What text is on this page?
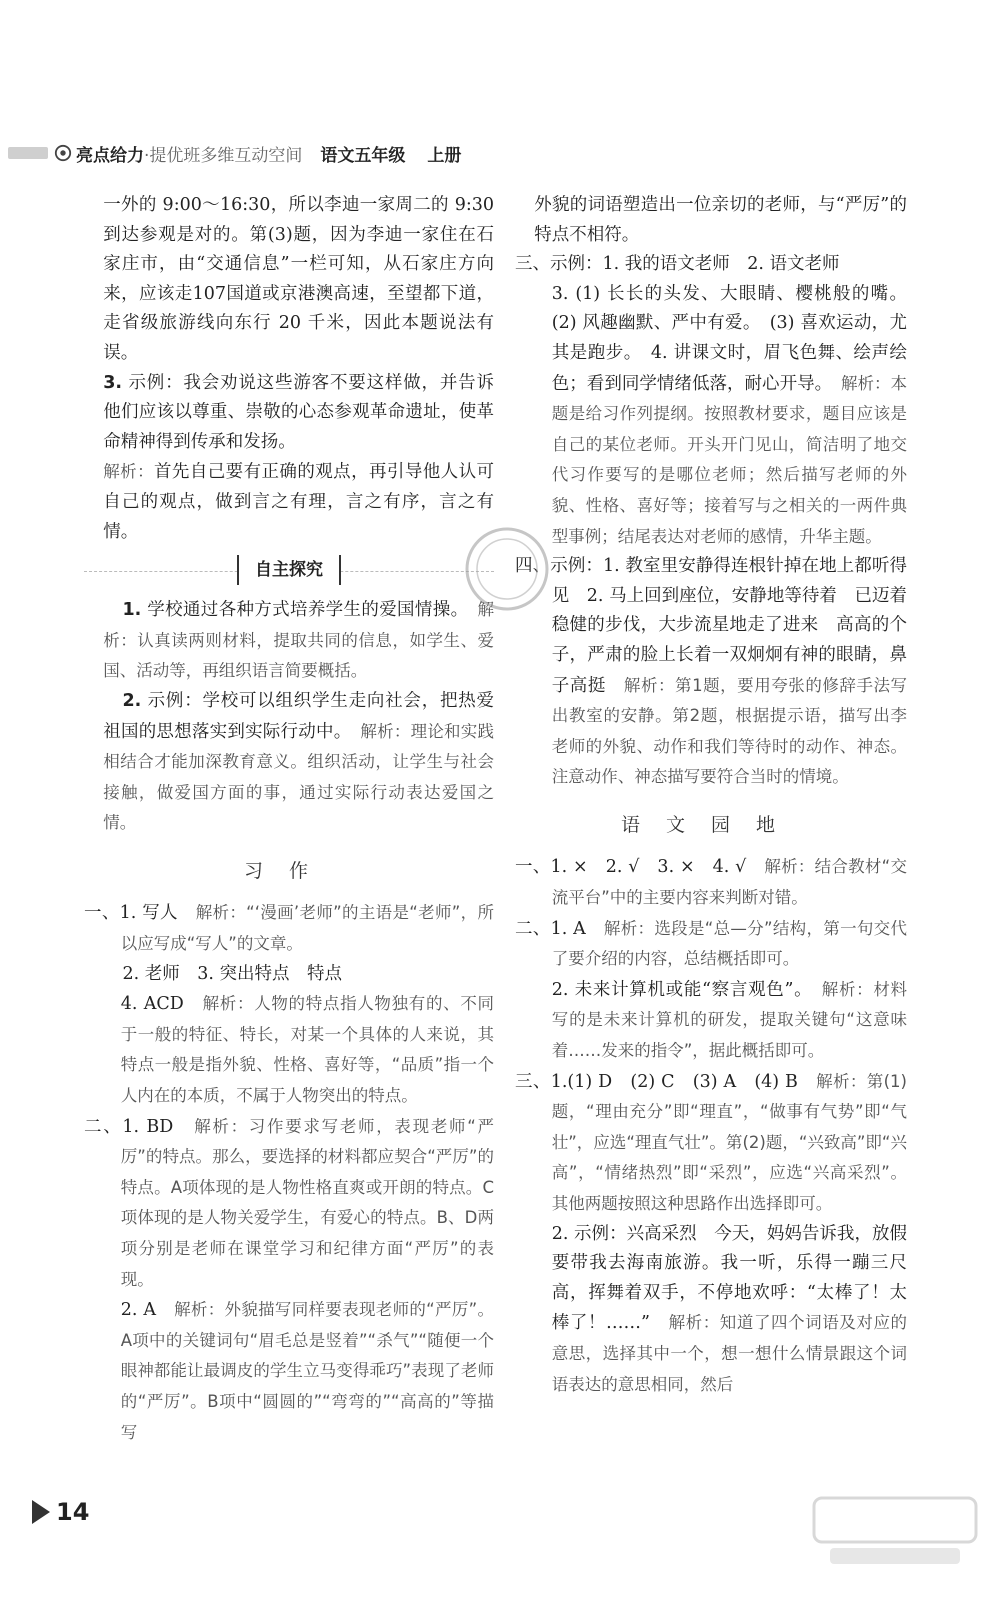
亮点给力 ·提优班多维互动空间 语文五年级 上册

一外的 9:00～16:30，所以李迪一家周二的 9:30 到达参观是对的。第(3)题，因为李迪一家住在石家庄市，由“交通信息”一栏可知，从石家庄方向来，应该走107国道或京港澳高速，至望都下道，走省级旅游线向东行 20 千米，因此本题说法有误。

3. 示例：我会劝说这些游客不要这样做，并告诉他们应该以尊重、崇敬的心态参观革命遗址，使革命精神得到传承和发扬。

解析：首先自己要有正确的观点，再引导他人认可自己的观点，做到言之有理，言之有序，言之有情。

自主探究

1. 学校通过各种方式培养学生的爱国情操。　 解析：认真读两则材料，提取共同的信息，如学生、爱国、活动等，再组织语言简要概括。

2. 示例：学校可以组织学生走向社会，把热爱祖国的思想落实到实际行动中。　 解析：理论和实践相结合才能加深教育意义。组织活动，让学生与社会接触，做爱国方面的事，通过实际行动表达爱国之情。

习作

一、1. 写人　 解析：“‘漫画’老师”的主语是“老师”，所以应写成“写人”的文章。

2. 老师　3. 突出特点　特点

4. ACD　 解析：人物的特点指人物独有的、不同于一般的特征、特长，对某一个具体的人来说，其特点一般是指外貌、性格、喜好等，“品质”指一个人内在的本质，不属于人物突出的特点。

二、1. BD　 解析：习作要求写老师，表现老师“严厉”的特点。那么，要选择的材料都应契合“严厉”的特点。A项体现的是人物性格直爽或开朗的特点。C项体现的是人物关爱学生，有爱心的特点。B、D两项分别是老师在课堂学习和纪律方面“严厉”的表现。

2. A　 解析：外貌描写同样要表现老师的“严厉”。A项中的关键词句“眉毛总是竖着”“杀气”“随便一个眼神都能让最调皮的学生立马变得乖巧”表现了老师的“严厉”。B项中“圆圆的”“弯弯的”“高高的”等描写

外貌的词语塑造出一位亲切的老师，与“严厉”的特点不相符。

三、示例：1. 我的语文老师　2. 语文老师

3. (1) 长长的头发、大眼睛、樱桃般的嘴。(2) 风趣幽默、严中有爱。　(3) 喜欢运动，尤其是跑步。　4. 讲课文时，眉飞色舞、绘声绘色；看到同学情绪低落，耐心开导。　 解析：本题是给习作列提纲。按照教材要求，题目应该是自己的某位老师。开头开门见山，简洁明了地交代习作要写的是哪位老师；然后描写老师的外貌、性格、喜好等；接着写与之相关的一两件典型事例；结尾表达对老师的感情，升华主题。

四、示例：1. 教室里安静得连根针掉在地上都听得见　2. 马上回到座位，安静地等待着　已迈着稳健的步伐，大步流星地走了进来　高高的个子，严肃的脸上长着一双炯炯有神的眼睛，鼻子高挺　 解析：第1题，要用夸张的修辞手法写出教室的安静。第2题，根据提示语，描写出李老师的外貌、动作和我们等待时的动作、神态。注意动作、神态描写要符合当时的情境。

语文园地

一、1. ×　2. √　3. ×　4. √　 解析：结合教材“交流平台”中的主要内容来判断对错。

二、1. A　 解析：选段是“总—分”结构，第一句交代了要介绍的内容，总结概括即可。

2. 未来计算机或能“察言观色”。　 解析：材料写的是未来计算机的研发，提取关键句“这意味着……发来的指令”，据此概括即可。

三、1.(1) D　(2) C　(3) A　(4) B　 解析：第(1)题，“理由充分”即“理直”，“做事有气势”即“气壮”，应选“理直气壮”。第(2)题，“兴致高”即“兴高”，“情绪热烈”即“采烈”，应选“兴高采烈”。其他两题按照这种思路作出选择即可。

2. 示例：兴高采烈　今天，妈妈告诉我，放假要带我去海南旅游。我一听，乐得一蹦三尺高，挥舞着双手，不停地欢呼：“太棒了！太棒了！……”　 解析：知道了四个词语及对应的意思，选择其中一个，想一想什么情景跟这个词语表达的意思相同，然后

14
